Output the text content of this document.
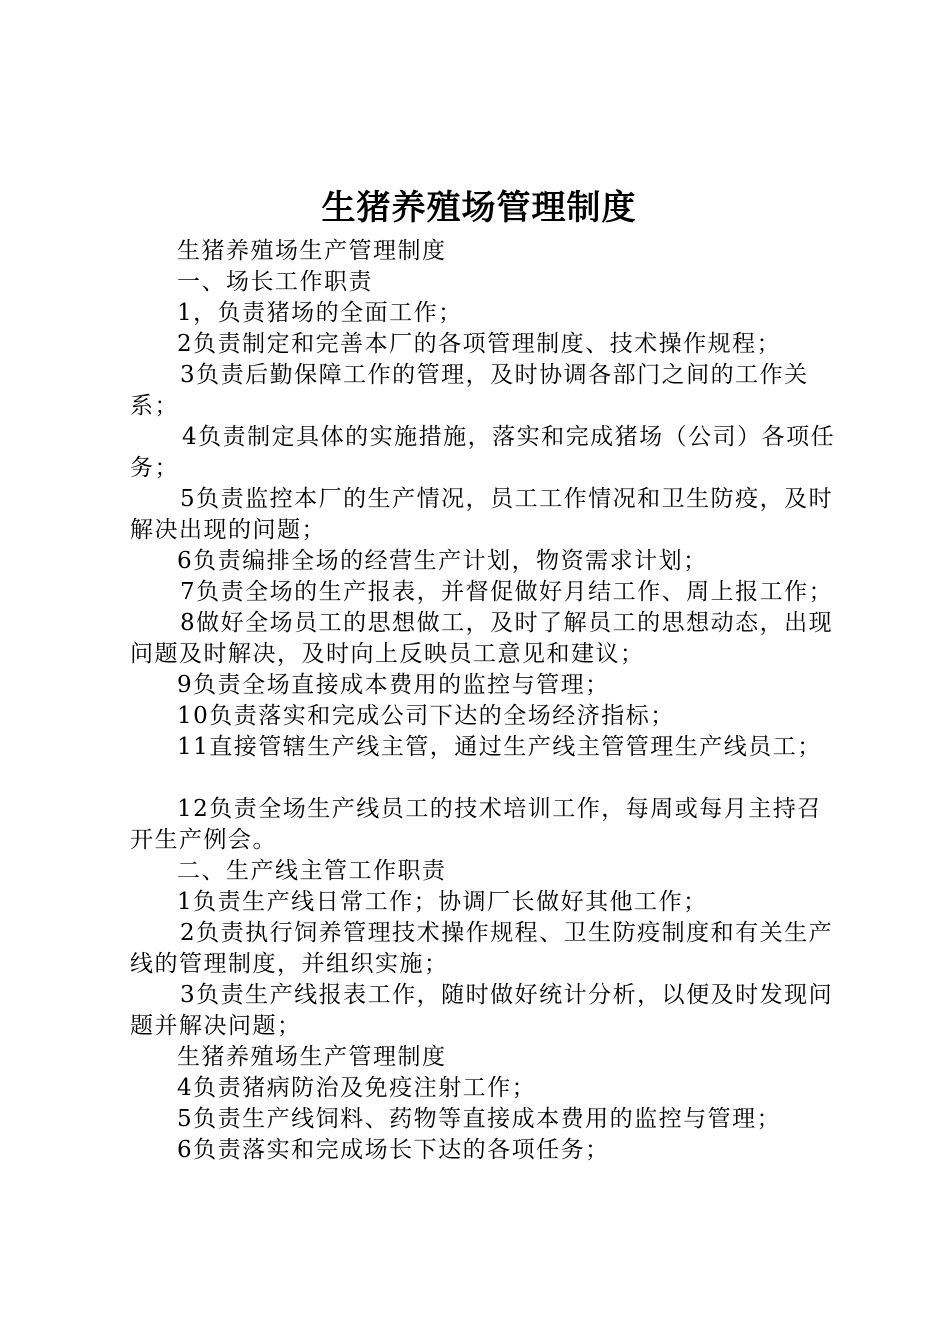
生猪养殖场管理制度

生猪养殖场生产管理制度

一、场长工作职责

1，负责猪场的全面工作；

2负责制定和完善本厂的各项管理制度、技术操作规程；

3负责后勤保障工作的管理，及时协调各部门之间的工作关系；

4负责制定具体的实施措施，落实和完成猪场（公司）各项任务；

5负责监控本厂的生产情况，员工工作情况和卫生防疫，及时解决出现的问题；

6负责编排全场的经营生产计划，物资需求计划；

7负责全场的生产报表，并督促做好月结工作、周上报工作；

8做好全场员工的思想做工，及时了解员工的思想动态，出现问题及时解决，及时向上反映员工意见和建议；

9负责全场直接成本费用的监控与管理；

10负责落实和完成公司下达的全场经济指标；

11直接管辖生产线主管，通过生产线主管管理生产线员工；

12负责全场生产线员工的技术培训工作，每周或每月主持召开生产例会。

二、生产线主管工作职责

1负责生产线日常工作；协调厂长做好其他工作；

2负责执行饲养管理技术操作规程、卫生防疫制度和有关生产线的管理制度，并组织实施；

3负责生产线报表工作，随时做好统计分析，以便及时发现问题并解决问题；

生猪养殖场生产管理制度

4负责猪病防治及免疫注射工作；

5负责生产线饲料、药物等直接成本费用的监控与管理；

6负责落实和完成场长下达的各项任务；
